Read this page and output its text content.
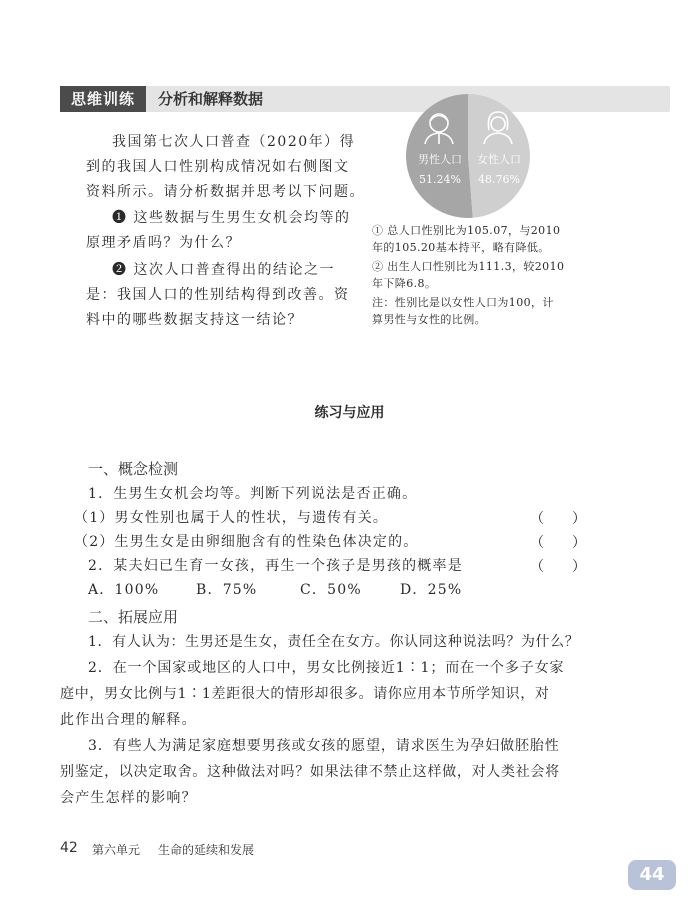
思维训练	分析和解释数据
我国第七次人口普查（2020年）得
到的我国人口性别构成情况如右侧图文
资料所示。请分析数据并思考以下问题。
❶ 这些数据与生男生女机会均等的
原理矛盾吗？为什么？
❷ 这次人口普查得出的结论之一
是：我国人口的性别结构得到改善。资
料中的哪些数据支持这一结论？
男性人口
51.24%
女性人口
48.76%
① 总人口性别比为105.07，与2010
年的105.20基本持平，略有降低。
② 出生人口性别比为111.3，较2010
年下降6.8。
注：性别比是以女性人口为100，计
算男性与女性的比例。
练习与应用
一、概念检测
1．生男生女机会均等。判断下列说法是否正确。
（1）男女性别也属于人的性状，与遗传有关。	（　　）
（2）生男生女是由卵细胞含有的性染色体决定的。	（　　）
2．某夫妇已生育一女孩，再生一个孩子是男孩的概率是	（　　）
A．100%	B．75%	C．50%	D．25%
二、拓展应用
1．有人认为：生男还是生女，责任全在女方。你认同这种说法吗？为什么？
2．在一个国家或地区的人口中，男女比例接近1∶1；而在一个多子女家
庭中，男女比例与1∶1差距很大的情形却很多。请你应用本节所学知识，对
此作出合理的解释。
3．有些人为满足家庭想要男孩或女孩的愿望，请求医生为孕妇做胚胎性
别鉴定，以决定取舍。这种做法对吗？如果法律不禁止这样做，对人类社会将
会产生怎样的影响？
42 第六单元 生命的延续和发展
44
